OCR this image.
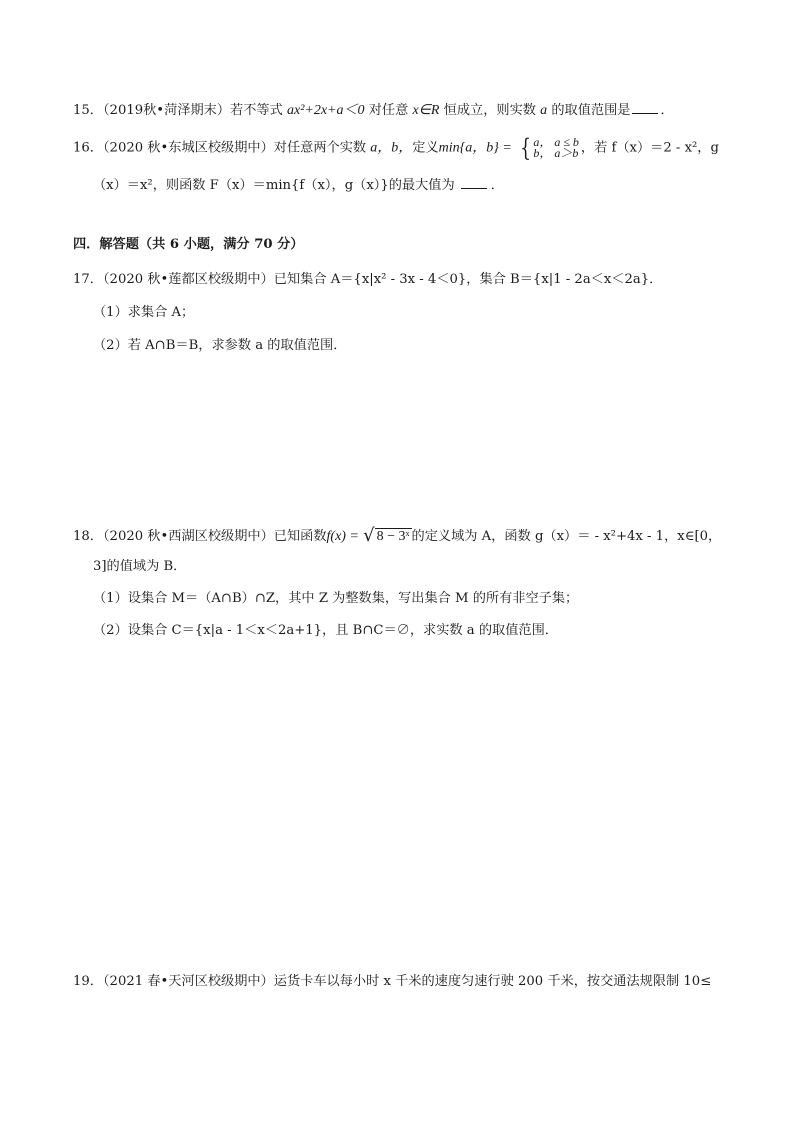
15．（2019秋•菏泽期末）若不等式 ax²+2x+a＜0 对任意 x∈R 恒成立，则实数 a 的取值范围是 ．
16．（2020 秋•东城区校级期中）对任意两个实数 a，b，定义min{a，b} = { a， a ≤ b
b， a＞b ，若 f（x）＝2 - x²，g
（x）＝x²，则函数 F（x）＝min{f（x），g（x）}的最大值为	．
四．解答题（共 6 小题，满分 70 分）
17．（2020 秋•莲都区校级期中）已知集合 A＝{x|x² - 3x - 4＜0}，集合 B＝{x|1 - 2a＜x＜2a}．
（1）求集合 A；
（2）若 A∩B＝B，求参数 a 的取值范围．
18．（2020 秋•西湖区校级期中）已知函数f(x) = √ 8 − 3ˣ 的定义域为 A，函数 g（x）＝ - x²+4x - 1，x∈[0，
3]的值域为 B．
（1）设集合 M＝（A∩B）∩Z，其中 Z 为整数集，写出集合 M 的所有非空子集；
（2）设集合 C＝{x|a - 1＜x＜2a+1}，且 B∩C＝∅，求实数 a 的取值范围．
19．（2021 春•天河区校级期中）运货卡车以每小时 x 千米的速度匀速行驶 200 千米，按交通法规限制 10≤
